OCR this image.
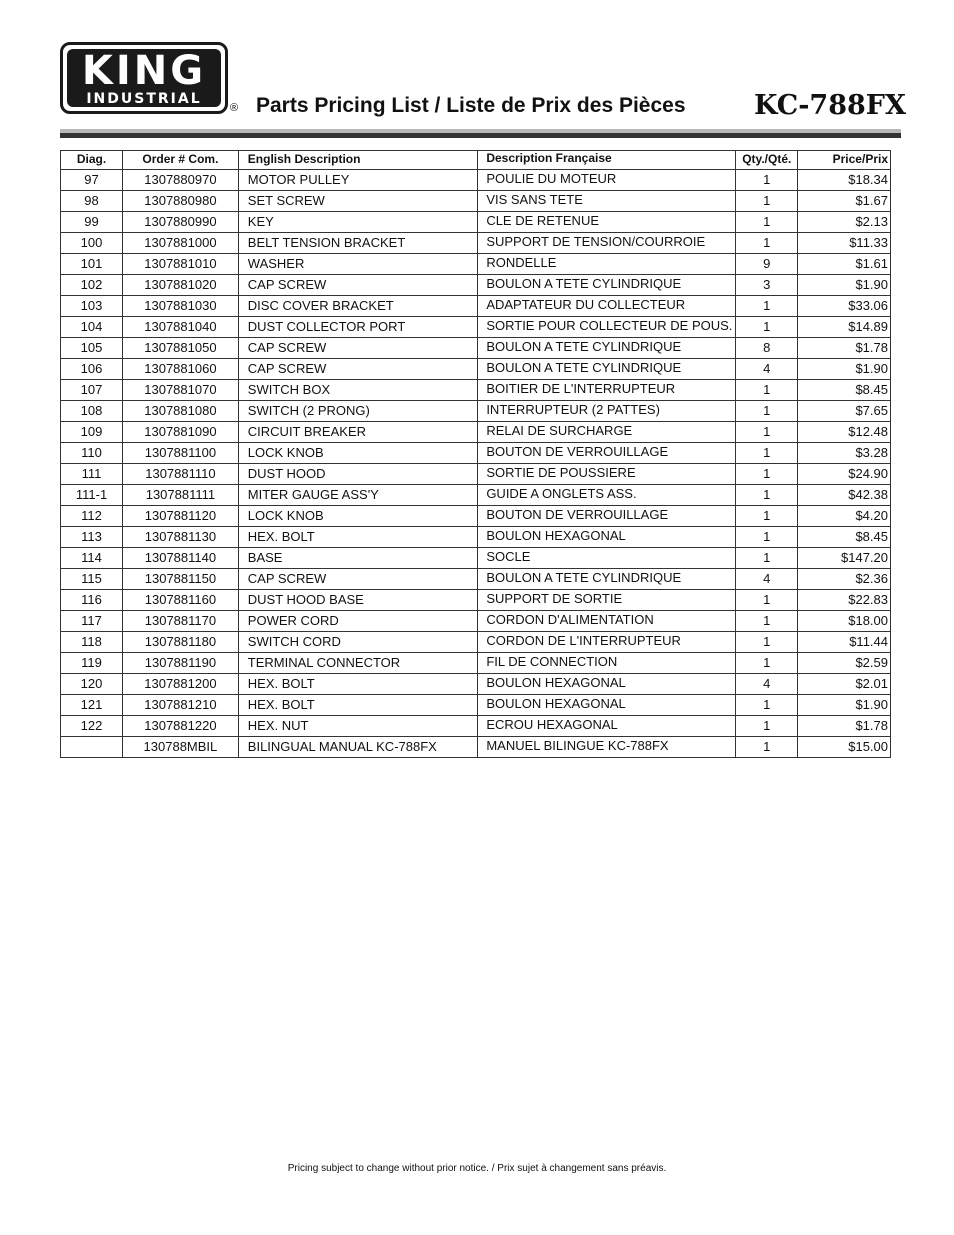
KING
INDUSTRIAL
® Parts Pricing List / Liste de Prix des Pièces	KC-788FX
Diag.	Order # Com.	English Description	Description Française	Qty./Qté.	Price/Prix
97	1307880970	MOTOR PULLEY	POULIE DU MOTEUR	1	$18.34
98	1307880980	SET SCREW	VIS SANS TETE	1	$1.67
99	1307880990	KEY	CLE DE RETENUE	1	$2.13
100	1307881000	BELT TENSION BRACKET	SUPPORT DE TENSION/COURROIE	1	$11.33
101	1307881010	WASHER	RONDELLE	9	$1.61
102	1307881020	CAP SCREW	BOULON A TETE CYLINDRIQUE	3	$1.90
103	1307881030	DISC COVER BRACKET	ADAPTATEUR DU COLLECTEUR	1	$33.06
104	1307881040	DUST COLLECTOR PORT	SORTIE POUR COLLECTEUR DE POUS.	1	$14.89
105	1307881050	CAP SCREW	BOULON A TETE CYLINDRIQUE	8	$1.78
106	1307881060	CAP SCREW	BOULON A TETE CYLINDRIQUE	4	$1.90
107	1307881070	SWITCH BOX	BOITIER DE L'INTERRUPTEUR	1	$8.45
108	1307881080	SWITCH (2 PRONG)	INTERRUPTEUR (2 PATTES)	1	$7.65
109	1307881090	CIRCUIT BREAKER	RELAI DE SURCHARGE	1	$12.48
110	1307881100	LOCK KNOB	BOUTON DE VERROUILLAGE	1	$3.28
111	1307881110	DUST HOOD	SORTIE DE POUSSIERE	1	$24.90
111-1	1307881111	MITER GAUGE ASS'Y	GUIDE A ONGLETS ASS.	1	$42.38
112	1307881120	LOCK KNOB	BOUTON DE VERROUILLAGE	1	$4.20
113	1307881130	HEX. BOLT	BOULON HEXAGONAL	1	$8.45
114	1307881140	BASE	SOCLE	1	$147.20
115	1307881150	CAP SCREW	BOULON A TETE CYLINDRIQUE	4	$2.36
116	1307881160	DUST HOOD BASE	SUPPORT DE SORTIE	1	$22.83
117	1307881170	POWER CORD	CORDON D'ALIMENTATION	1	$18.00
118	1307881180	SWITCH CORD	CORDON DE L'INTERRUPTEUR	1	$11.44
119	1307881190	TERMINAL CONNECTOR	FIL DE CONNECTION	1	$2.59
120	1307881200	HEX. BOLT	BOULON HEXAGONAL	4	$2.01
121	1307881210	HEX. BOLT	BOULON HEXAGONAL	1	$1.90
122	1307881220	HEX. NUT	ECROU HEXAGONAL	1	$1.78
	130788MBIL	BILINGUAL MANUAL KC-788FX	MANUEL BILINGUE KC-788FX	1	$15.00
Pricing subject to change without prior notice. / Prix sujet à changement sans préavis.
